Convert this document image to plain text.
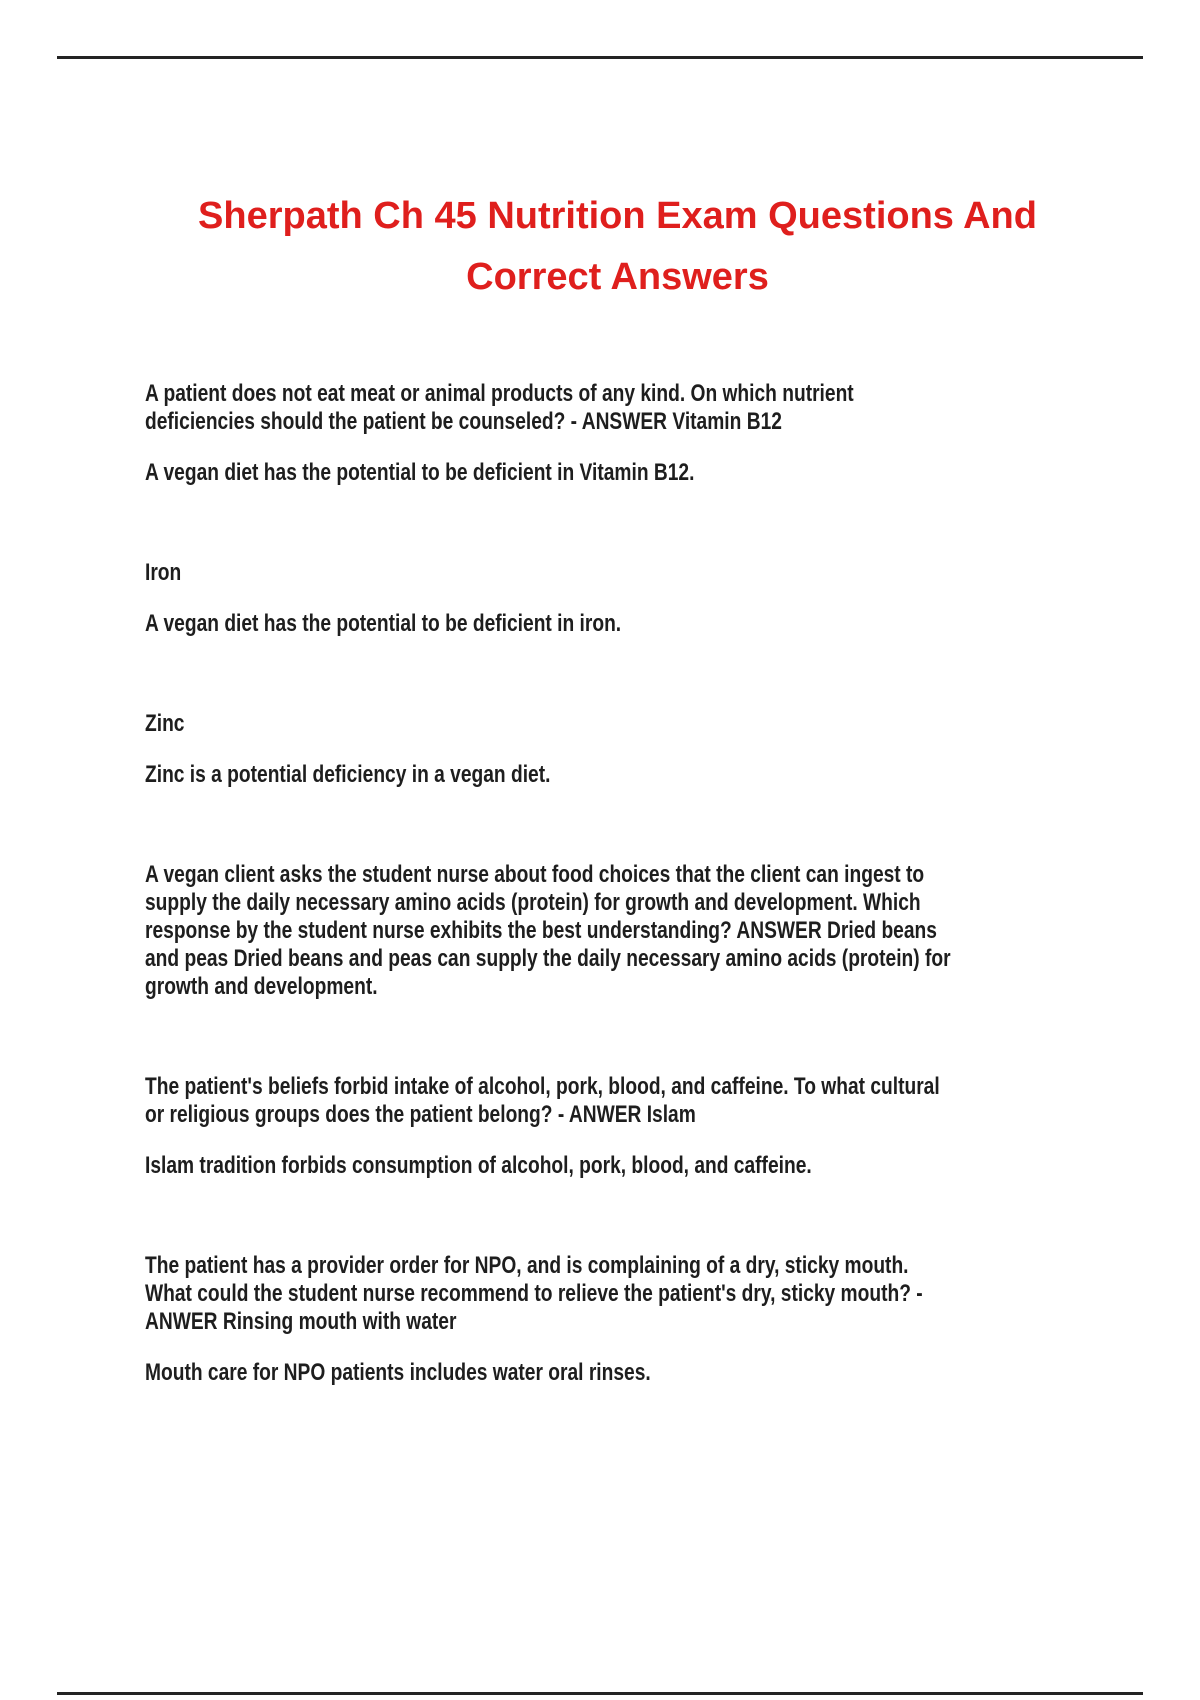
Sherpath Ch 45 Nutrition Exam Questions And
Correct Answers
A patient does not eat meat or animal products of any kind. On which nutrient
deficiencies should the patient be counseled? - ANSWER Vitamin B12
A vegan diet has the potential to be deficient in Vitamin B12.
Iron
A vegan diet has the potential to be deficient in iron.
Zinc
Zinc is a potential deficiency in a vegan diet.
A vegan client asks the student nurse about food choices that the client can ingest to
supply the daily necessary amino acids (protein) for growth and development. Which
response by the student nurse exhibits the best understanding? ANSWER Dried beans
and peas Dried beans and peas can supply the daily necessary amino acids (protein) for
growth and development.
The patient's beliefs forbid intake of alcohol, pork, blood, and caffeine. To what cultural
or religious groups does the patient belong? - ANWER Islam
Islam tradition forbids consumption of alcohol, pork, blood, and caffeine.
The patient has a provider order for NPO, and is complaining of a dry, sticky mouth.
What could the student nurse recommend to relieve the patient's dry, sticky mouth? -
ANWER Rinsing mouth with water
Mouth care for NPO patients includes water oral rinses.
